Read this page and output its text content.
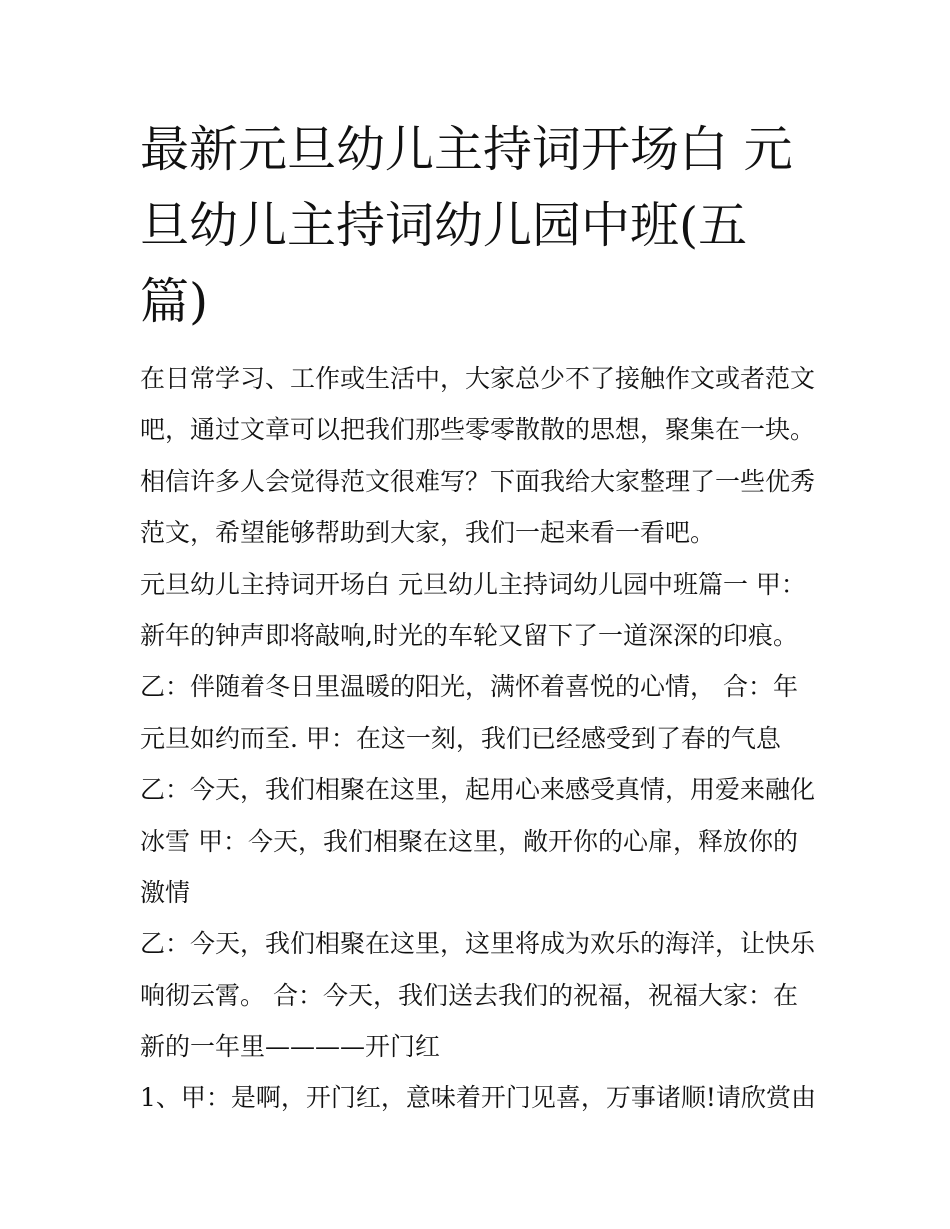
最新元旦幼儿主持词开场白 元
旦幼儿主持词幼儿园中班(五
篇)
在日常学习、工作或生活中，大家总少不了接触作文或者范文
吧，通过文章可以把我们那些零零散散的思想，聚集在一块。
相信许多人会觉得范文很难写？下面我给大家整理了一些优秀
范文，希望能够帮助到大家，我们一起来看一看吧。
元旦幼儿主持词开场白 元旦幼儿主持词幼儿园中班篇一 甲：
新年的钟声即将敲响,时光的车轮又留下了一道深深的印痕。
乙：伴随着冬日里温暖的阳光，满怀着喜悦的心情， 合：年
元旦如约而至. 甲：在这一刻，我们已经感受到了春的气息
乙：今天，我们相聚在这里，起用心来感受真情，用爱来融化
冰雪 甲：今天，我们相聚在这里，敞开你的心扉，释放你的
激情
乙：今天，我们相聚在这里，这里将成为欢乐的海洋，让快乐
响彻云霄。 合：今天，我们送去我们的祝福，祝福大家：在
新的一年里————开门红
1、甲：是啊，开门红，意味着开门见喜，万事诸顺!请欣赏由
